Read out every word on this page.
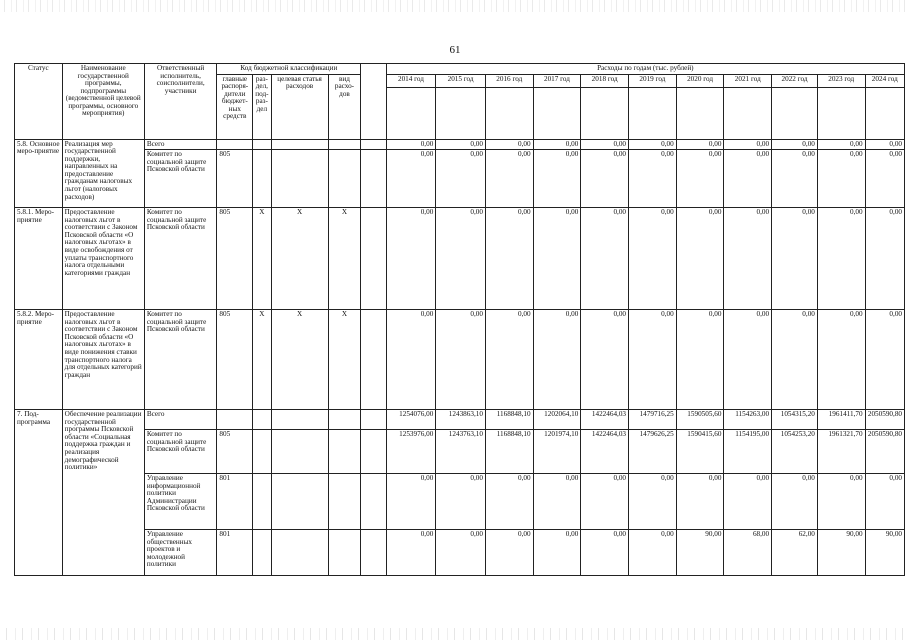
61
Статус	Наименование государственной программы, подпрограммы (ведомственной целевой программы, основного мероприятия)	Ответственный исполнитель, соисполнители, участники	Код бюджетной классификации					Расходы по годам (тыс. рублей)										
			главные распоря-дители бюджет-ных средств	раз-дел, под-раз-дел	целевая статья расходов	вид расхо-дов		2014 год	2015 год	2016 год	2017 год	2018 год	2019 год	2020 год	2021 год	2022 год	2023 год	2024 год

5.8. Основное меро-приятие	Реализация мер государственной поддержки, направленных на предоставление гражданам налоговых льгот (налоговых расходов)	Всего						0,00	0,00	0,00	0,00	0,00	0,00	0,00	0,00	0,00	0,00	0,00
		Комитет по социальной защите Псковской области	805					0,00	0,00	0,00	0,00	0,00	0,00	0,00	0,00	0,00	0,00	0,00
5.8.1. Меро-приятие	Предоставление налоговых льгот в соответствии с Законом Псковской области «О налоговых льготах» в виде освобождения от уплаты транспортного налога отдельными категориями граждан	Комитет по социальной защите Псковской области	805	Х	Х	Х		0,00	0,00	0,00	0,00	0,00	0,00	0,00	0,00	0,00	0,00	0,00
5.8.2. Меро-приятие	Предоставление налоговых льгот в соответствии с Законом Псковской области «О налоговых льготах» в виде понижения ставки транспортного налога для отдельных категорий граждан	Комитет по социальной защите Псковской области	805	Х	Х	Х		0,00	0,00	0,00	0,00	0,00	0,00	0,00	0,00	0,00	0,00	0,00
7. Под-программа	Обеспечение реализации государственной программы Псковской области «Социальная поддержка граждан и реализация демографической политики»	Всего						1254076,00	1243863,10	1168848,10	1202064,10	1422464,03	1479716,25	1590505,60	1154263,00	1054315,20	1961411,70	2050590,80
		Комитет по социальной защите Псковской области	805					1253976,00	1243763,10	1168848,10	1201974,10	1422464,03	1479626,25	1590415,60	1154195,00	1054253,20	1961321,70	2050590,80
		Управление информационной политики Администрации Псковской области	801					0,00	0,00	0,00	0,00	0,00	0,00	0,00	0,00	0,00	0,00	0,00
		Управление общественных проектов и молодежной политики	801					0,00	0,00	0,00	0,00	0,00	0,00	90,00	68,00	62,00	90,00	90,00
